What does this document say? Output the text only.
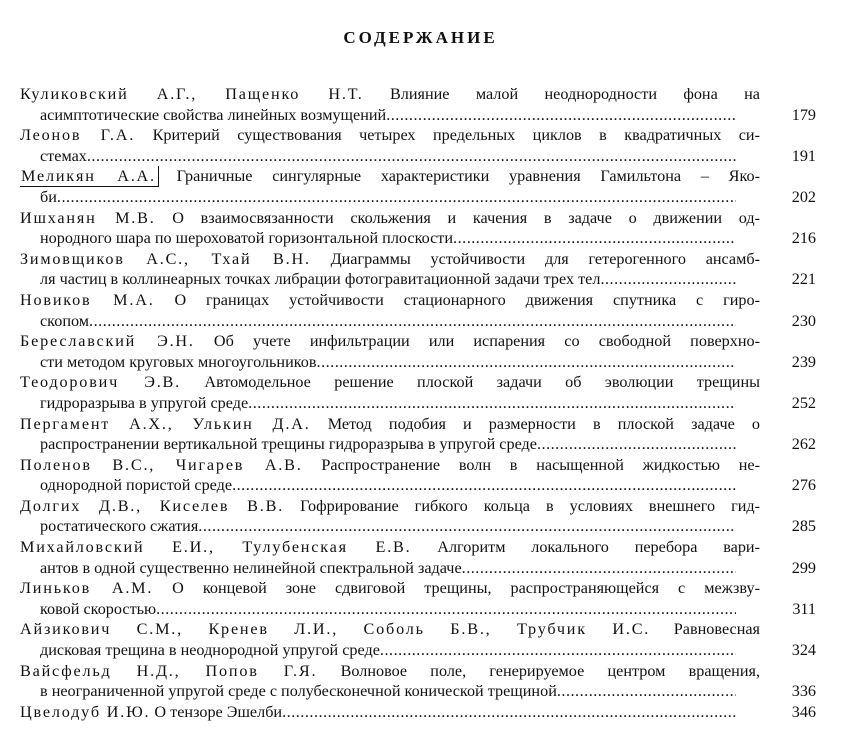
СОДЕРЖАНИЕ
Куликовский А.Г., Пащенко Н.Т. Влияние малой неоднородности фона на
асимптотические свойства линейных возмущений .....	179
Леонов Г.А. Критерий существования четырех предельных циклов в квадратичных си-
стемах .....	191
Меликян А.А. Граничные сингулярные характеристики уравнения Гамильтона – Яко-
би .....	202
Ишханян М.В. О взаимосвязанности скольжения и качения в задаче о движении од-
нородного шара по шероховатой горизонтальной плоскости .....	216
Зимовщиков А.С., Тхай В.Н. Диаграммы устойчивости для гетерогенного ансамб-
ля частиц в коллинеарных точках либрации фотогравитационной задачи трех тел .....	221
Новиков М.А. О границах устойчивости стационарного движения спутника с гиро-
скопом .....	230
Береславский Э.Н. Об учете инфильтрации или испарения со свободной поверхно-
сти методом круговых многоугольников .....	239
Теодорович Э.В. Автомодельное решение плоской задачи об эволюции трещины
гидроразрыва в упругой среде .....	252
Пергамент А.Х., Улькин Д.А. Метод подобия и размерности в плоской задаче о
распространении вертикальной трещины гидроразрыва в упругой среде .....	262
Поленов В.С., Чигарев А.В. Распространение волн в насыщенной жидкостью не-
однородной пористой среде .....	276
Долгих Д.В., Киселев В.В. Гофрирование гибкого кольца в условиях внешнего гид-
ростатического сжатия .....	285
Михайловский Е.И., Тулубенская Е.В. Алгоритм локального перебора вари-
антов в одной существенно нелинейной спектральной задаче .....	299
Линьков А.М. О концевой зоне сдвиговой трещины, распространяющейся с межзву-
ковой скоростью .....	311
Айзикович С.М., Кренев Л.И., Соболь Б.В., Трубчик И.С. Равновесная
дисковая трещина в неоднородной упругой среде .....	324
Вайсфельд Н.Д., Попов Г.Я. Волновое поле, генерируемое центром вращения,
в неограниченной упругой среде с полубесконечной конической трещиной .....	336
Цвелодуб И.Ю. О тензоре Эшелби .....	346
